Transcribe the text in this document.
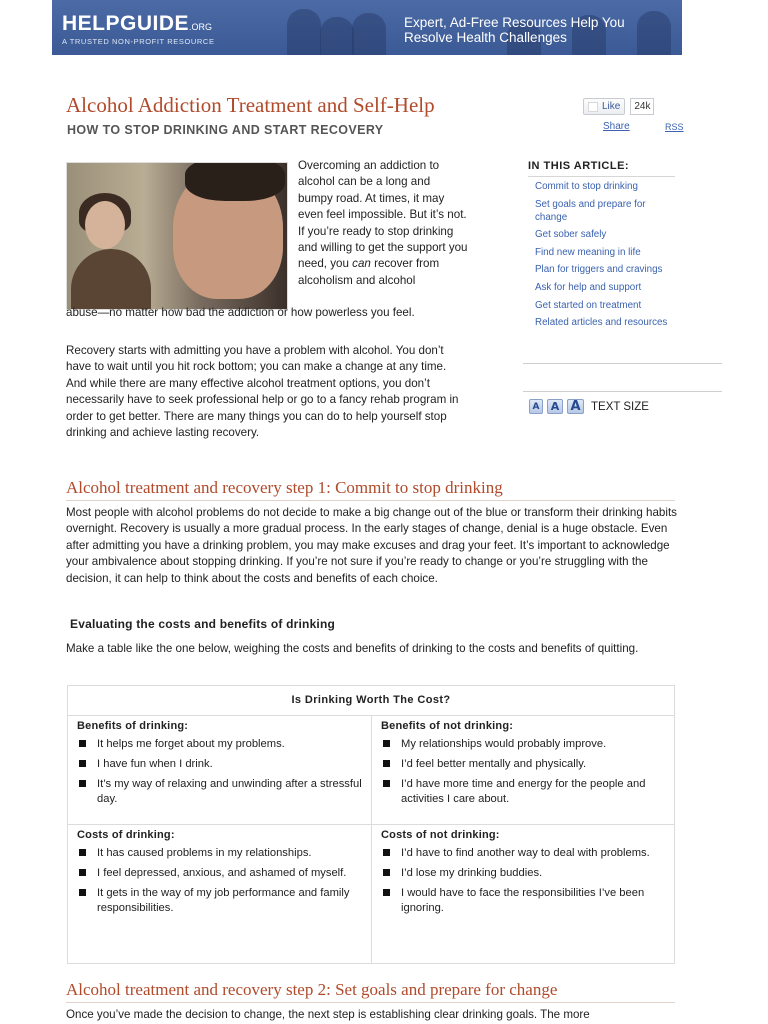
HELPGUIDE.ORG
A TRUSTED NON-PROFIT RESOURCE
Expert, Ad-Free Resources Help You
Resolve Health Challenges
Alcohol Addiction Treatment and Self-Help
HOW TO STOP DRINKING AND START RECOVERY
Like	24k
Share	RSS

Overcoming an addiction to alcohol can be a long and bumpy road. At times, it may even feel impossible. But it’s not. If you’re ready to stop drinking and willing to get the support you need, you can recover from alcoholism and alcohol

abuse—no matter how bad the addiction or how powerless you feel.

Recovery starts with admitting you have a problem with alcohol. You don’t have to wait until you hit rock bottom; you can make a change at any time. And while there are many effective alcohol treatment options, you don’t necessarily have to seek professional help or go to a fancy rehab program in order to get better. There are many things you can do to help yourself stop drinking and achieve lasting recovery.

IN THIS ARTICLE:
Commit to stop drinking
Set goals and prepare for change
Get sober safely
Find new meaning in life
Plan for triggers and cravings
Ask for help and support
Get started on treatment
Related articles and resources
A	A A TEXT SIZE
Alcohol treatment and recovery step 1: Commit to stop drinking

Most people with alcohol problems do not decide to make a big change out of the blue or transform their drinking habits overnight. Recovery is usually a more gradual process. In the early stages of change, denial is a huge obstacle. Even after admitting you have a drinking problem, you may make excuses and drag your feet. It’s important to acknowledge your ambivalence about stopping drinking. If you’re not sure if you’re ready to change or you’re struggling with the decision, it can help to think about the costs and benefits of each choice.

Evaluating the costs and benefits of drinking

Make a table like the one below, weighing the costs and benefits of drinking to the costs and benefits of quitting.

Is Drinking Worth The Cost?

Benefits of drinking:

It helps me forget about my problems.
I have fun when I drink.
It’s my way of relaxing and unwinding after a stressful day.

Benefits of not drinking:

My relationships would probably improve.
I’d feel better mentally and physically.
I’d have more time and energy for the people and activities I care about.

Costs of drinking:

It has caused problems in my relationships.
I feel depressed, anxious, and ashamed of myself.
It gets in the way of my job performance and family responsibilities.

Costs of not drinking:

I’d have to find another way to deal with problems.
I’d lose my drinking buddies.
I would have to face the responsibilities I’ve been ignoring.
Alcohol treatment and recovery step 2: Set goals and prepare for change

Once you’ve made the decision to change, the next step is establishing clear drinking goals. The more
